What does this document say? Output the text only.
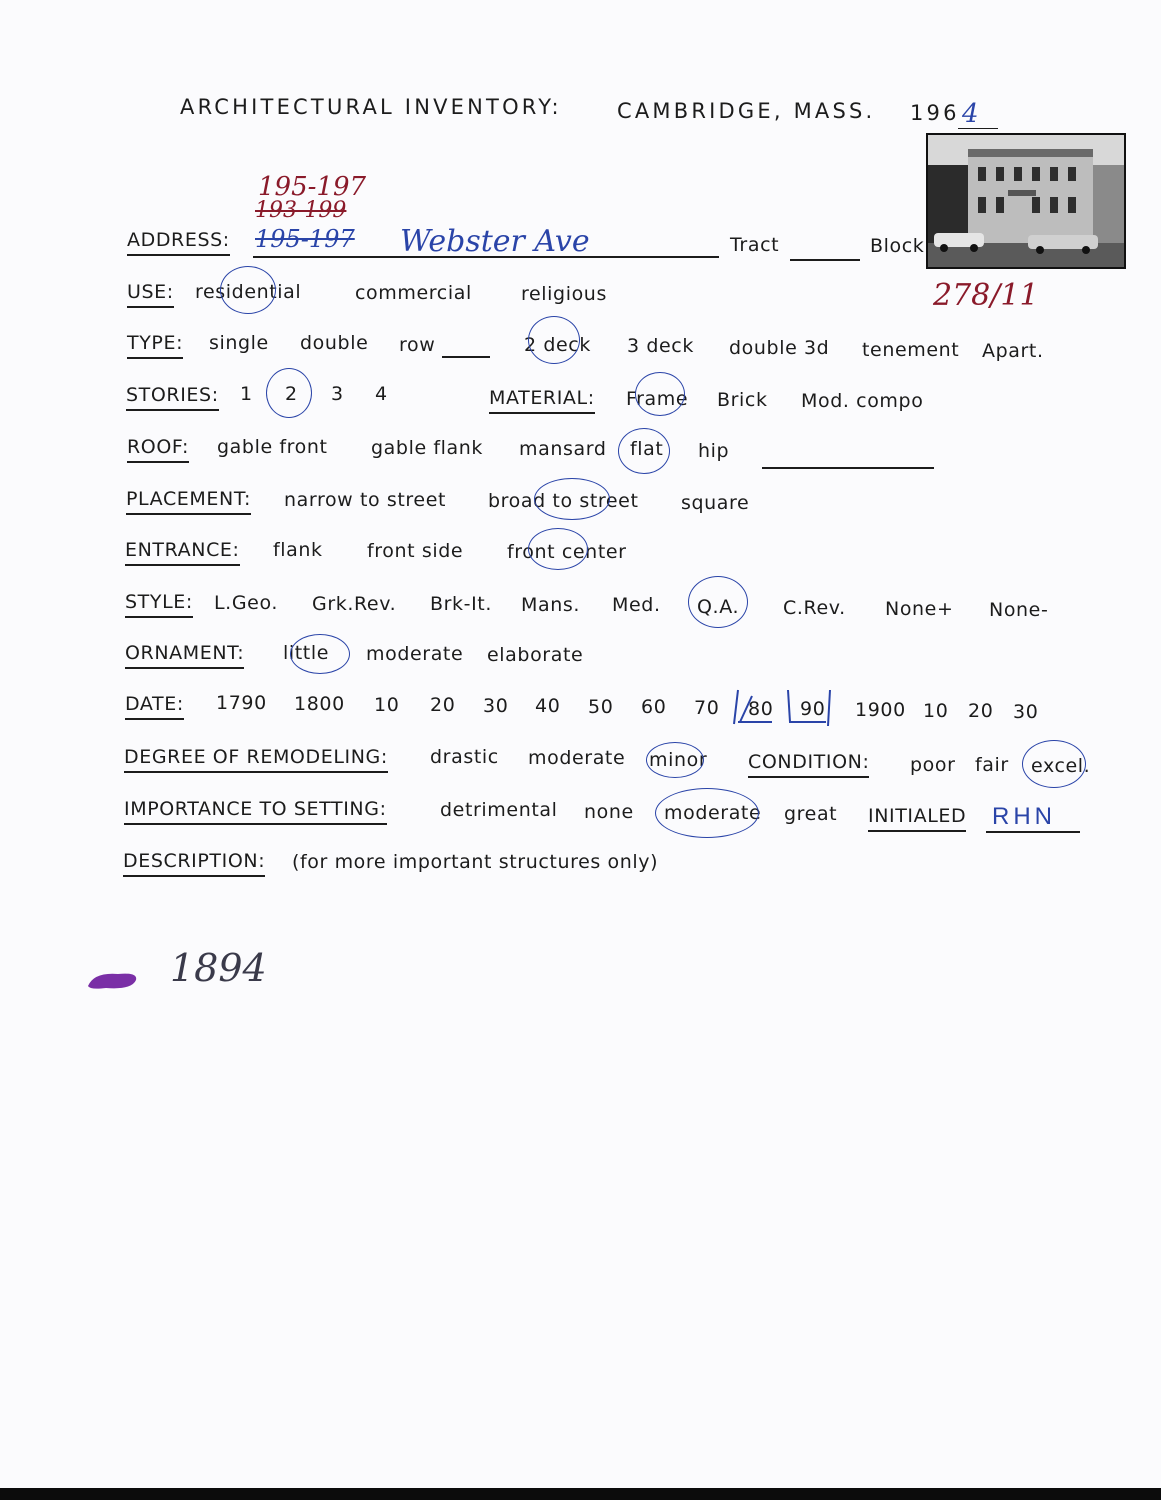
ARCHITECTURAL INVENTORY:	CAMBRIDGE, MASS. 196 4
278/11
195-197
193-199
ADDRESS: 195-197 Webster Ave	Tract	Block
USE: residential	commercial	religious
TYPE: single double row	2 deck 3 deck double 3d tenement Apart.
STORIES: 1 2 3 4	MATERIAL: Frame Brick Mod. compo
ROOF: gable front gable flank mansard flat hip
PLACEMENT: narrow to street broad to street square
ENTRANCE: flank front side front center
STYLE: L.Geo. Grk.Rev. Brk-It. Mans. Med. Q.A. C.Rev. None+ None-
ORNAMENT: little moderate elaborate
DATE: 1790 1800 10 20 30 40 50 60 70 80 90 1900 10 20 30
DEGREE OF REMODELING: drastic moderate minor CONDITION: poor fair excel.
IMPORTANCE TO SETTING:	detrimental none moderate great INITIALED RHN
DESCRIPTION: (for more important structures only)
1894
